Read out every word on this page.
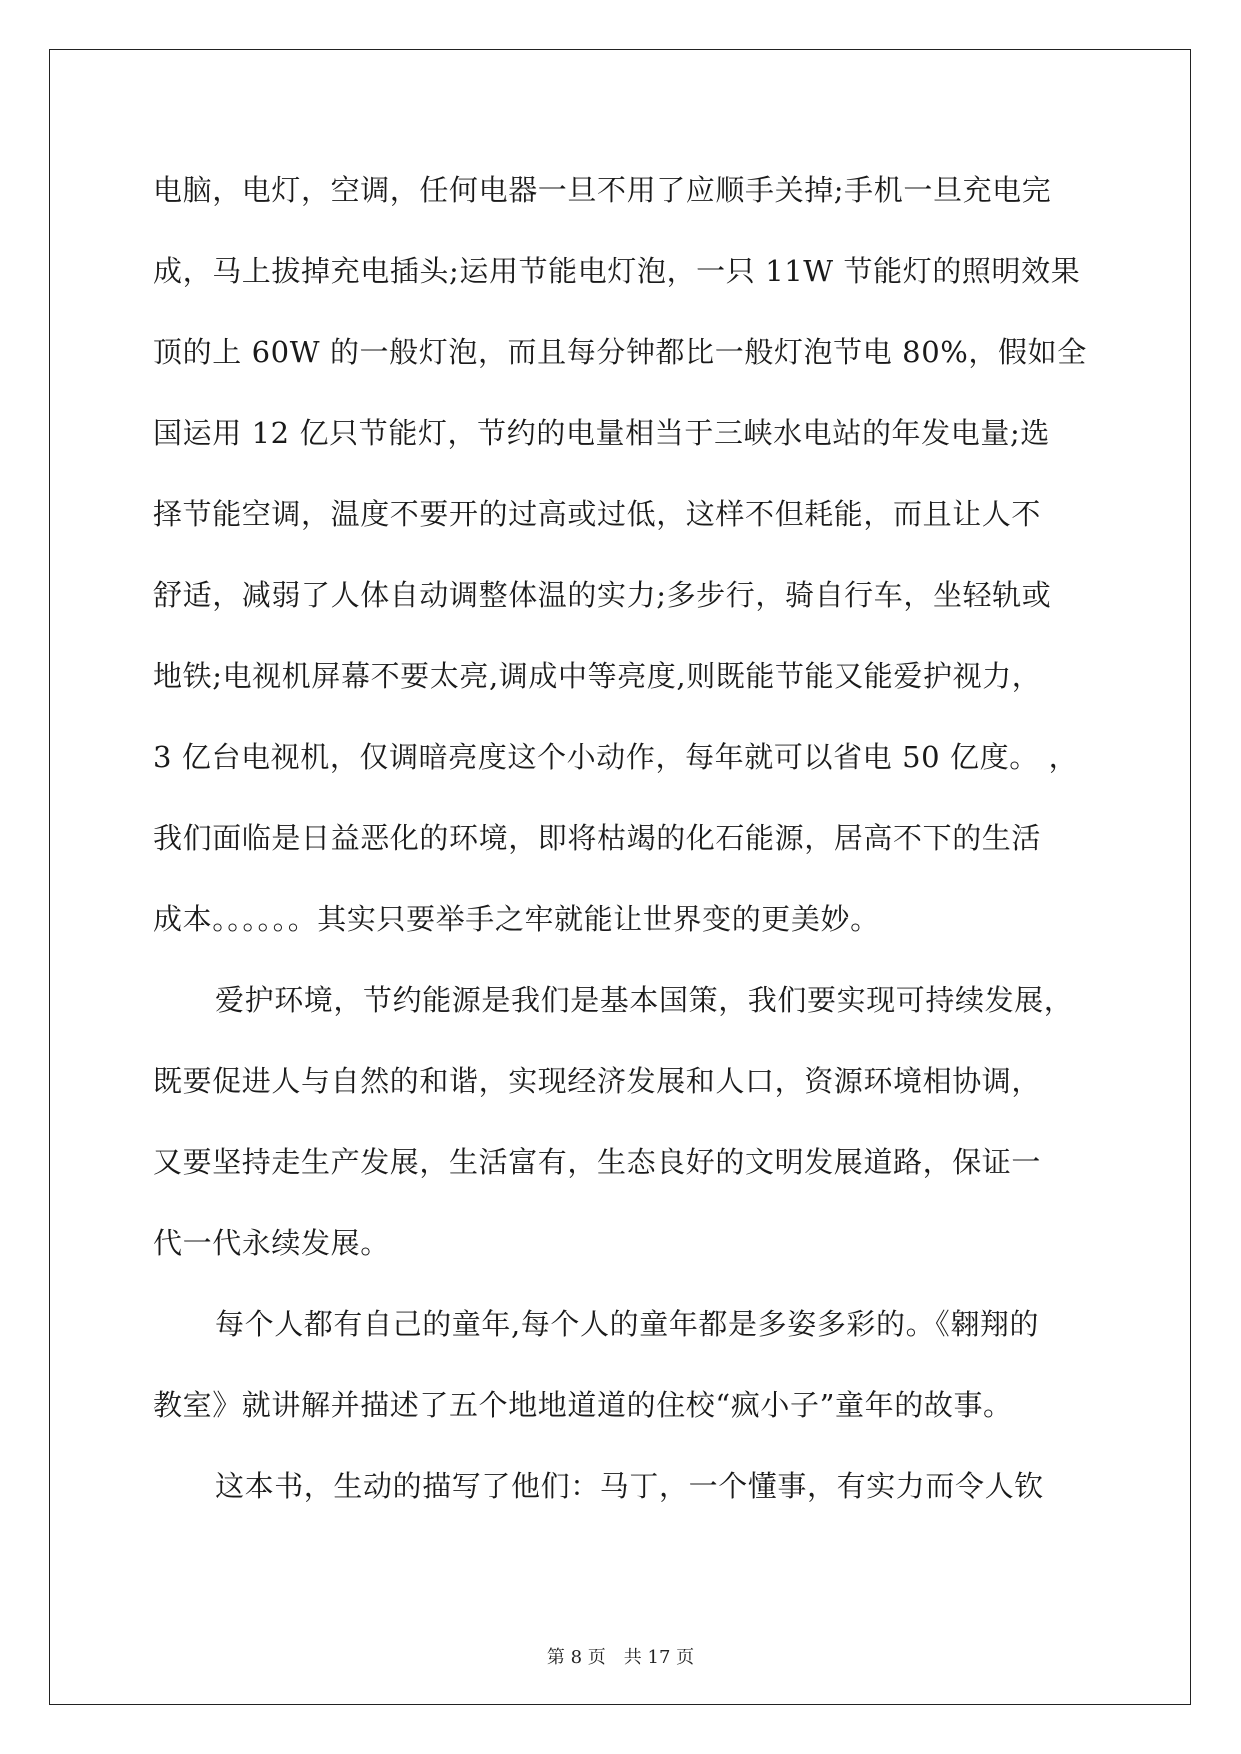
电脑，电灯，空调，任何电器一旦不用了应顺手关掉;手机一旦充电完
成，马上拔掉充电插头;运用节能电灯泡，一只 11W 节能灯的照明效果
顶的上 60W 的一般灯泡，而且每分钟都比一般灯泡节电 80%，假如全
国运用 12 亿只节能灯，节约的电量相当于三峡水电站的年发电量;选
择节能空调，温度不要开的过高或过低，这样不但耗能，而且让人不
舒适，减弱了人体自动调整体温的实力;多步行，骑自行车，坐轻轨或
地铁;电视机屏幕不要太亮,调成中等亮度,则既能节能又能爱护视力，
3 亿台电视机，仅调暗亮度这个小动作，每年就可以省电 50 亿度。 ，
我们面临是日益恶化的环境，即将枯竭的化石能源，居高不下的生活
成本。。。。。。其实只要举手之牢就能让世界变的更美妙。
爱护环境，节约能源是我们是基本国策，我们要实现可持续发展，
既要促进人与自然的和谐，实现经济发展和人口，资源环境相协调，
又要坚持走生产发展，生活富有，生态良好的文明发展道路，保证一
代一代永续发展。
每个人都有自己的童年,每个人的童年都是多姿多彩的。《翱翔的
教室》就讲解并描述了五个地地道道的住校“疯小子”童年的故事。
这本书，生动的描写了他们：马丁，一个懂事，有实力而令人钦
第 8 页 共 17 页
